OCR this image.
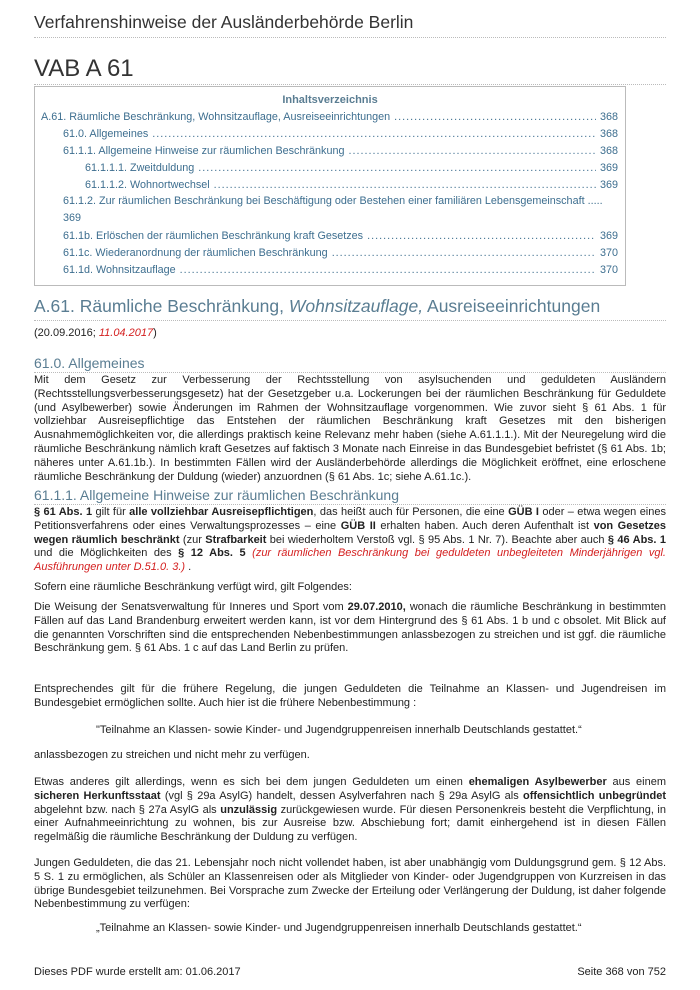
Verfahrenshinweise der Ausländerbehörde Berlin
VAB A 61
Inhaltsverzeichnis
A.61. Räumliche Beschränkung, Wohnsitzauflage, Ausreiseeinrichtungen .....	368
61.0. Allgemeines .....	368
61.1.1. Allgemeine Hinweise zur räumlichen Beschränkung .....	368
61.1.1.1. Zweitduldung .....	369
61.1.1.2. Wohnortwechsel .....	369
61.1.2. Zur räumlichen Beschränkung bei Beschäftigung oder Bestehen einer familiären Lebensgemeinschaft .....
369
61.1b. Erlöschen der räumlichen Beschränkung kraft Gesetzes .....	369
61.1c. Wiederanordnung der räumlichen Beschränkung .....	370
61.1d. Wohnsitzauflage .....	370
A.61. Räumliche Beschränkung, Wohnsitzauflage, Ausreiseeinrichtungen
(20.09.2016; 11.04.2017)
61.0. Allgemeines
Mit dem Gesetz zur Verbesserung der Rechtsstellung von asylsuchenden und geduldeten Ausländern (Rechtsstellungsverbesserungsgesetz) hat der Gesetzgeber u.a. Lockerungen bei der räumlichen Beschränkung für Geduldete (und Asylbewerber) sowie Änderungen im Rahmen der Wohnsitzauflage vorgenommen. Wie zuvor sieht § 61 Abs. 1 für vollziehbar Ausreisepflichtige das Entstehen der räumlichen Beschränkung kraft Gesetzes mit den bisherigen Ausnahmemöglichkeiten vor, die allerdings praktisch keine Relevanz mehr haben (siehe A.61.1.1.). Mit der Neuregelung wird die räumliche Beschränkung nämlich kraft Gesetzes auf faktisch 3 Monate nach Einreise in das Bundesgebiet befristet (§ 61 Abs. 1b; näheres unter A.61.1b.). In bestimmten Fällen wird der Ausländerbehörde allerdings die Möglichkeit eröffnet, eine erloschene räumliche Beschränkung der Duldung (wieder) anzuordnen (§ 61 Abs. 1c; siehe A.61.1c.).
61.1.1. Allgemeine Hinweise zur räumlichen Beschränkung
§ 61 Abs. 1 gilt für alle vollziehbar Ausreisepflichtigen, das heißt auch für Personen, die eine GÜB I oder – etwa wegen eines Petitionsverfahrens oder eines Verwaltungsprozesses – eine GÜB II erhalten haben. Auch deren Aufenthalt ist von Gesetzes wegen räumlich beschränkt (zur Strafbarkeit bei wiederholtem Verstoß vgl. § 95 Abs. 1 Nr. 7). Beachte aber auch § 46 Abs. 1 und die Möglichkeiten des § 12 Abs. 5 (zur räumlichen Beschränkung bei geduldeten unbegleiteten Minderjährigen vgl. Ausführungen unter D.51.0. 3.) .
Sofern eine räumliche Beschränkung verfügt wird, gilt Folgendes:
Die Weisung der Senatsverwaltung für Inneres und Sport vom 29.07.2010, wonach die räumliche Beschränkung in bestimmten Fällen auf das Land Brandenburg erweitert werden kann, ist vor dem Hintergrund des § 61 Abs. 1 b und c obsolet. Mit Blick auf die genannten Vorschriften sind die entsprechenden Nebenbestimmungen anlassbezogen zu streichen und ist ggf. die räumliche Beschränkung gem. § 61 Abs. 1 c auf das Land Berlin zu prüfen.
Entsprechendes gilt für die frühere Regelung, die jungen Geduldeten die Teilnahme an Klassen- und Jugendreisen im Bundesgebiet ermöglichen sollte. Auch hier ist die frühere Nebenbestimmung :
"Teilnahme an Klassen- sowie Kinder- und Jugendgruppenreisen innerhalb Deutschlands gestattet.“
anlassbezogen zu streichen und nicht mehr zu verfügen.
Etwas anderes gilt allerdings, wenn es sich bei dem jungen Geduldeten um einen ehemaligen Asylbewerber aus einem sicheren Herkunftsstaat (vgl § 29a AsylG) handelt, dessen Asylverfahren nach § 29a AsylG als offensichtlich unbegründet abgelehnt bzw. nach § 27a AsylG als unzulässig zurückgewiesen wurde. Für diesen Personenkreis besteht die Verpflichtung, in einer Aufnahmeeinrichtung zu wohnen, bis zur Ausreise bzw. Abschiebung fort; damit einhergehend ist in diesen Fällen regelmäßig die räumliche Beschränkung der Duldung zu verfügen.
Jungen Geduldeten, die das 21. Lebensjahr noch nicht vollendet haben, ist aber unabhängig vom Duldungsgrund gem. § 12 Abs. 5 S. 1 zu ermöglichen, als Schüler an Klassenreisen oder als Mitglieder von Kinder- oder Jugendgruppen von Kurzreisen in das übrige Bundesgebiet teilzunehmen. Bei Vorsprache zum Zwecke der Erteilung oder Verlängerung der Duldung, ist daher folgende Nebenbestimmung zu verfügen:
„Teilnahme an Klassen- sowie Kinder- und Jugendgruppenreisen innerhalb Deutschlands gestattet.“
Dieses PDF wurde erstellt am: 01.06.2017	Seite 368 von 752
